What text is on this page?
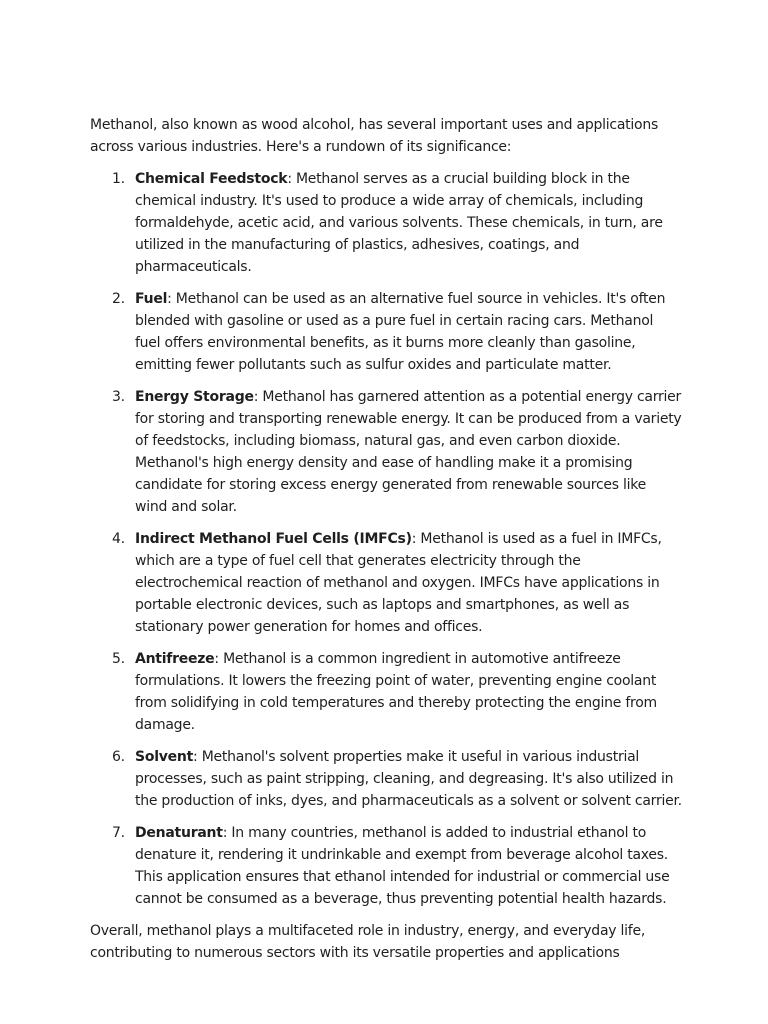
Methanol, also known as wood alcohol, has several important uses and applications across various industries. Here's a rundown of its significance:

1. Chemical Feedstock: Methanol serves as a crucial building block in the chemical industry. It's used to produce a wide array of chemicals, including formaldehyde, acetic acid, and various solvents. These chemicals, in turn, are utilized in the manufacturing of plastics, adhesives, coatings, and pharmaceuticals.
2. Fuel: Methanol can be used as an alternative fuel source in vehicles. It's often blended with gasoline or used as a pure fuel in certain racing cars. Methanol fuel offers environmental benefits, as it burns more cleanly than gasoline, emitting fewer pollutants such as sulfur oxides and particulate matter.
3. Energy Storage: Methanol has garnered attention as a potential energy carrier for storing and transporting renewable energy. It can be produced from a variety of feedstocks, including biomass, natural gas, and even carbon dioxide. Methanol's high energy density and ease of handling make it a promising candidate for storing excess energy generated from renewable sources like wind and solar.
4. Indirect Methanol Fuel Cells (IMFCs): Methanol is used as a fuel in IMFCs, which are a type of fuel cell that generates electricity through the electrochemical reaction of methanol and oxygen. IMFCs have applications in portable electronic devices, such as laptops and smartphones, as well as stationary power generation for homes and offices.
5. Antifreeze: Methanol is a common ingredient in automotive antifreeze formulations. It lowers the freezing point of water, preventing engine coolant from solidifying in cold temperatures and thereby protecting the engine from damage.
6. Solvent: Methanol's solvent properties make it useful in various industrial processes, such as paint stripping, cleaning, and degreasing. It's also utilized in the production of inks, dyes, and pharmaceuticals as a solvent or solvent carrier.
7. Denaturant: In many countries, methanol is added to industrial ethanol to denature it, rendering it undrinkable and exempt from beverage alcohol taxes. This application ensures that ethanol intended for industrial or commercial use cannot be consumed as a beverage, thus preventing potential health hazards.

Overall, methanol plays a multifaceted role in industry, energy, and everyday life, contributing to numerous sectors with its versatile properties and applications
